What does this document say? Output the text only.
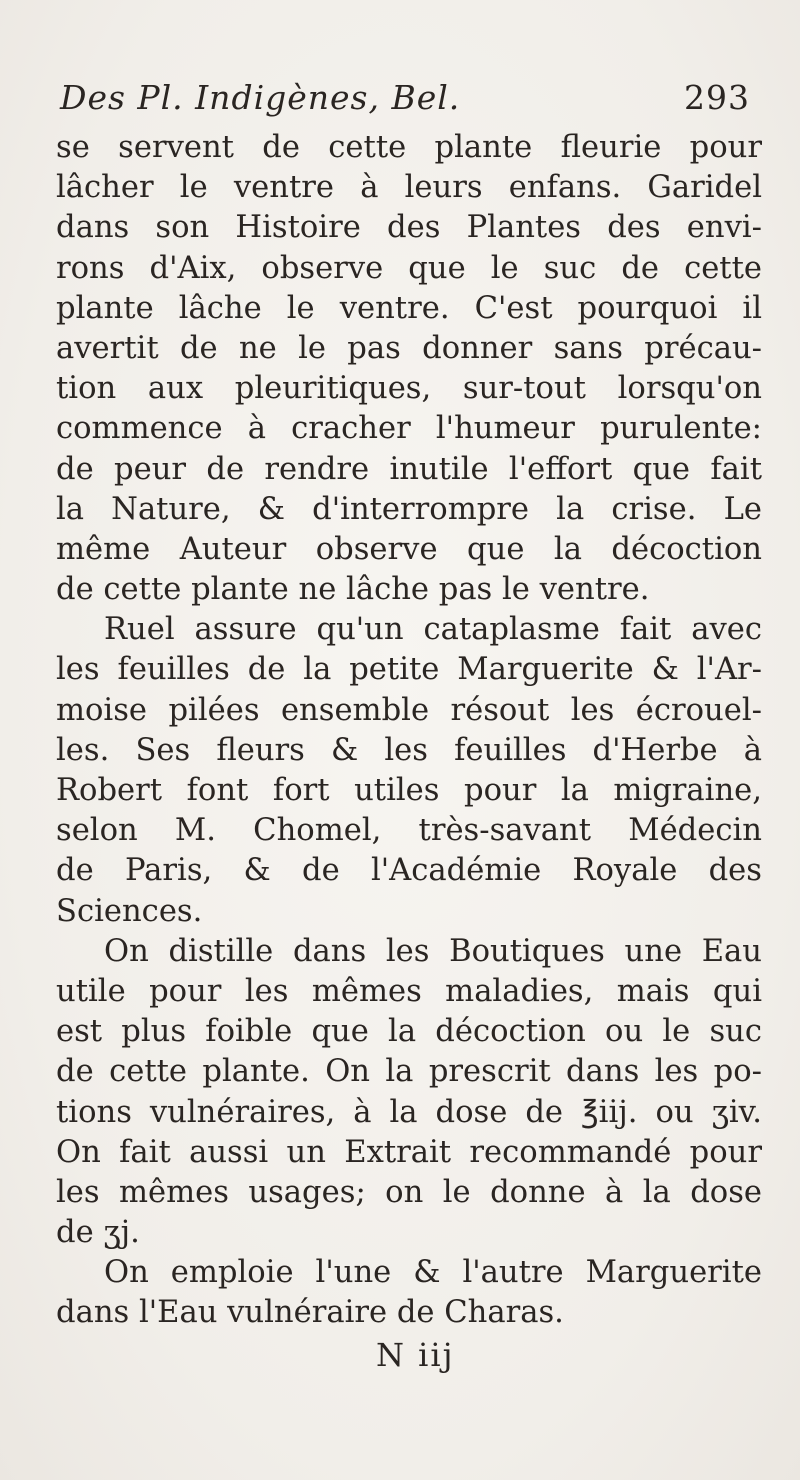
Des Pl. Indigènes, Bel.	293
se servent de cette plante fleurie pour
lâcher le ventre à leurs enfans. Garidel
dans son Histoire des Plantes des envi-
rons d'Aix, observe que le suc de cette
plante lâche le ventre. C'est pourquoi il
avertit de ne le pas donner sans précau-
tion aux pleuritiques, sur-tout lorsqu'on
commence à cracher l'humeur purulente:
de peur de rendre inutile l'effort que fait
la Nature, & d'interrompre la crise. Le
même Auteur observe que la décoction
de cette plante ne lâche pas le ventre.
Ruel assure qu'un cataplasme fait avec
les feuilles de la petite Marguerite & l'Ar-
moise pilées ensemble résout les écrouel-
les. Ses fleurs & les feuilles d'Herbe à
Robert font fort utiles pour la migraine,
selon M. Chomel, très-savant Médecin
de Paris, & de l'Académie Royale des
Sciences.
On distille dans les Boutiques une Eau
utile pour les mêmes maladies, mais qui
est plus foible que la décoction ou le suc
de cette plante. On la prescrit dans les po-
tions vulnéraires, à la dose de ℥iij. ou ʒiv.
On fait aussi un Extrait recommandé pour
les mêmes usages; on le donne à la dose
de ʒj.
On emploie l'une & l'autre Marguerite
dans l'Eau vulnéraire de Charas.
N iij
